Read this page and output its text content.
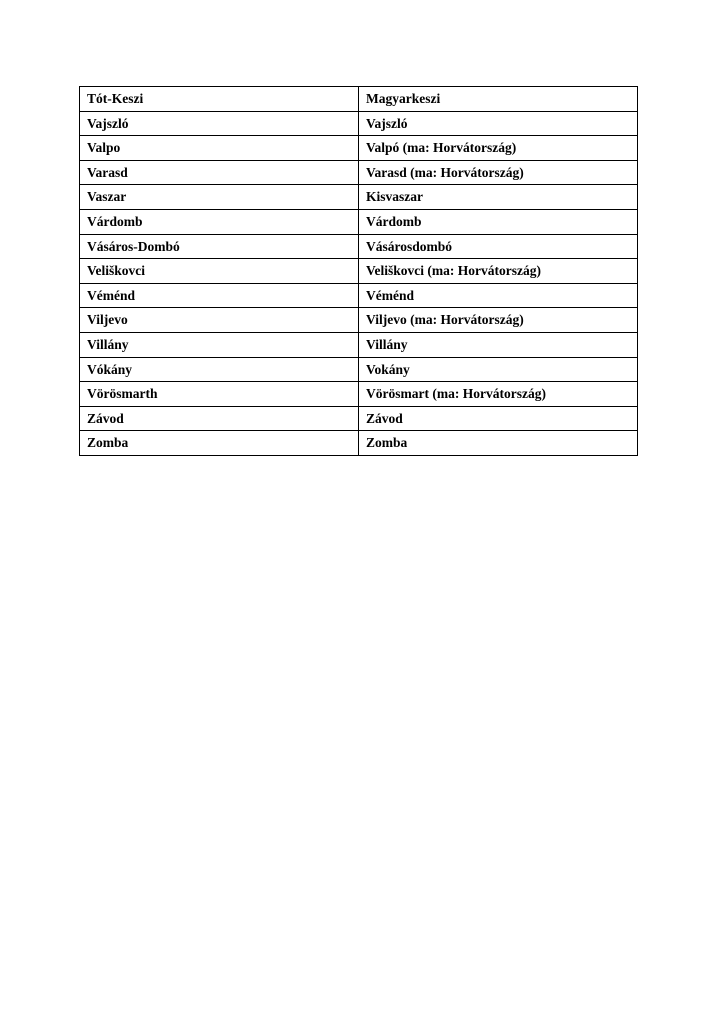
Tót-Keszi	Magyarkeszi
Vajszló	Vajszló
Valpo	Valpó (ma: Horvátország)
Varasd	Varasd (ma: Horvátország)
Vaszar	Kisvaszar
Várdomb	Várdomb
Vásáros-Dombó	Vásárosdombó
Veliškovci	Veliškovci (ma: Horvátország)
Véménd	Véménd
Viljevo	Viljevo (ma: Horvátország)
Villány	Villány
Vókány	Vokány
Vörösmarth	Vörösmart (ma: Horvátország)
Závod	Závod
Zomba	Zomba
